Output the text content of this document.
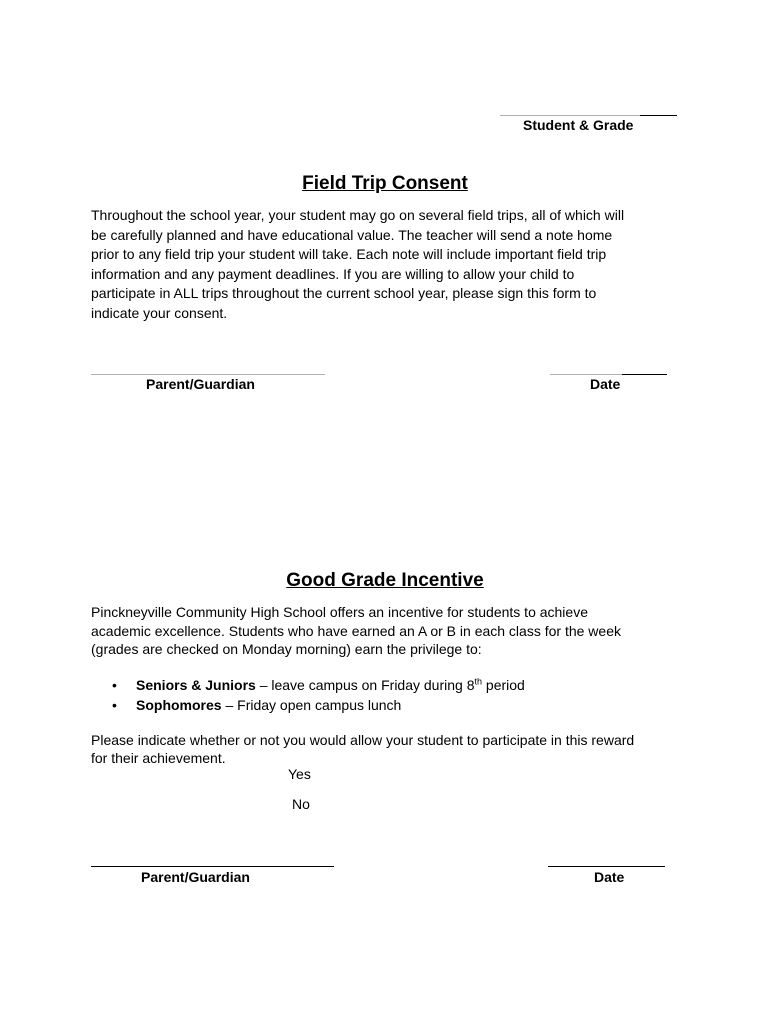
Student & Grade
Field Trip Consent
Throughout the school year, your student may go on several field trips, all of which will
be carefully planned and have educational value. The teacher will send a note home
prior to any field trip your student will take. Each note will include important field trip
information and any payment deadlines. If you are willing to allow your child to
participate in ALL trips throughout the current school year, please sign this form to
indicate your consent.
Parent/Guardian	Date
Good Grade Incentive
Pinckneyville Community High School offers an incentive for students to achieve
academic excellence. Students who have earned an A or B in each class for the week
(grades are checked on Monday morning) earn the privilege to:
• Seniors & Juniors – leave campus on Friday during 8th period
• Sophomores – Friday open campus lunch
Please indicate whether or not you would allow your student to participate in this reward
for their achievement.
Yes
No
Parent/Guardian	Date
